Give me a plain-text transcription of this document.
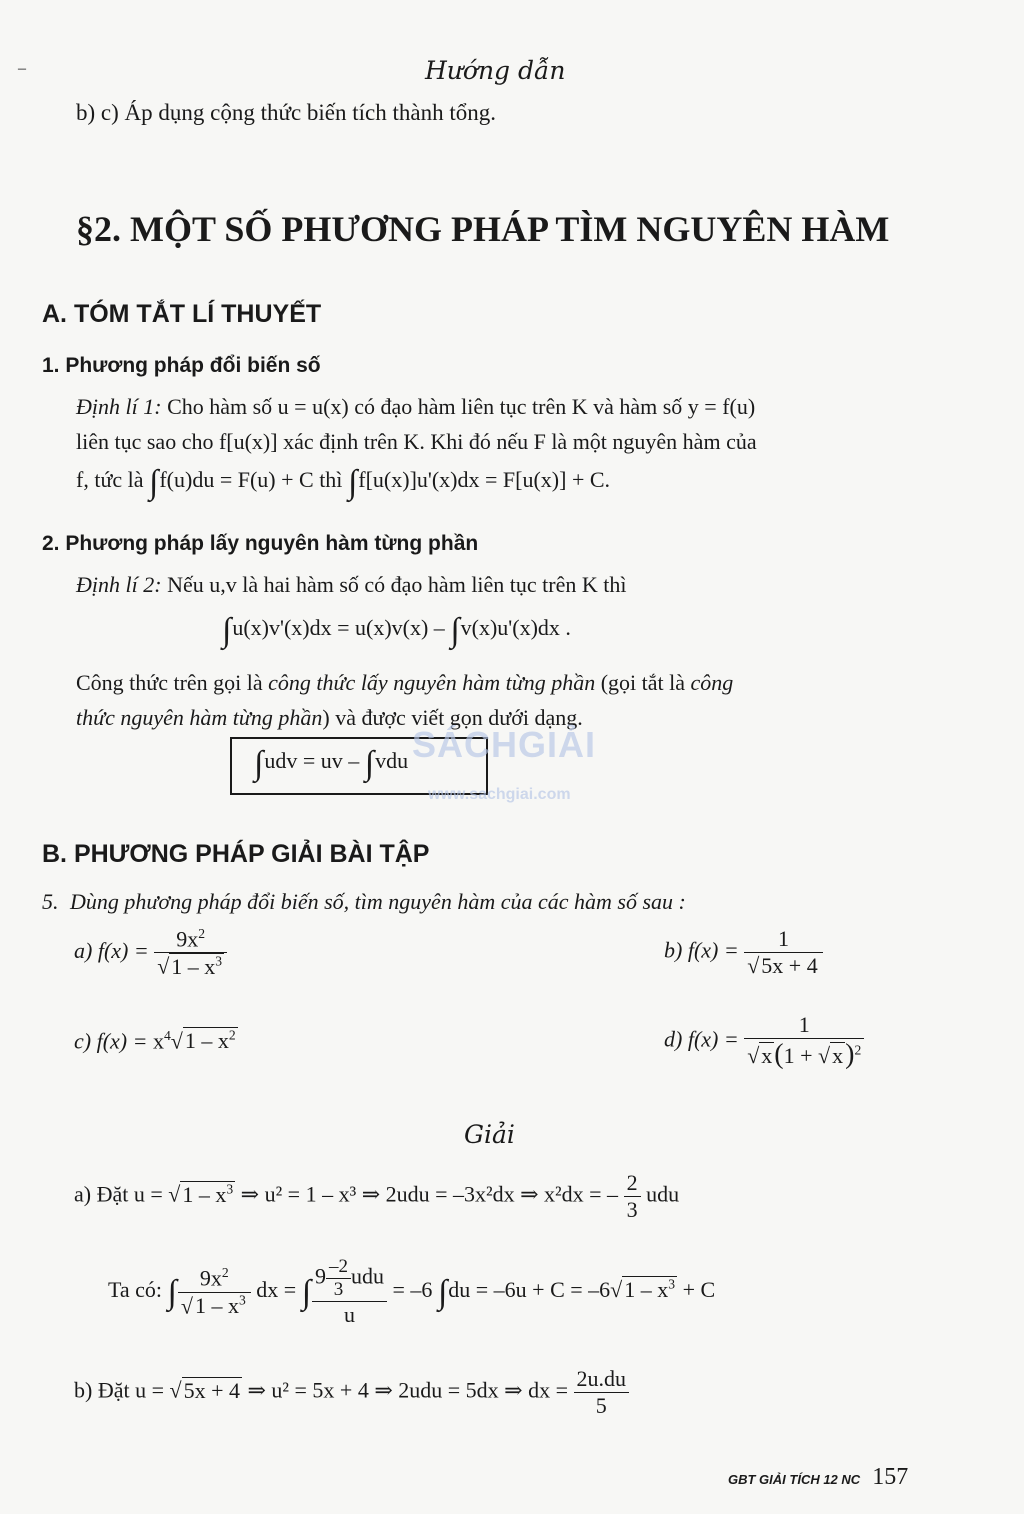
Hướng dẫn
–
b) c) Áp dụng cộng thức biến tích thành tổng.
§2. MỘT SỐ PHƯƠNG PHÁP TÌM NGUYÊN HÀM
A. TÓM TẮT LÍ THUYẾT
1. Phương pháp đổi biến số
Định lí 1: Cho hàm số u = u(x) có đạo hàm liên tục trên K và hàm số y = f(u)
liên tục sao cho f[u(x)] xác định trên K. Khi đó nếu F là một nguyên hàm của
f, tức là ∫f(u)du = F(u) + C thì ∫f[u(x)]u'(x)dx = F[u(x)] + C.
2. Phương pháp lấy nguyên hàm từng phần
Định lí 2: Nếu u,v là hai hàm số có đạo hàm liên tục trên K thì
∫u(x)v'(x)dx = u(x)v(x) – ∫v(x)u'(x)dx .
Công thức trên gọi là công thức lấy nguyên hàm từng phần (gọi tắt là công
thức nguyên hàm từng phần) và được viết gọn dưới dạng.
∫udv = uv – ∫vdu SÁCHGIẢI
www.sachgiai.com
B. PHƯƠNG PHÁP GIẢI BÀI TẬP
5. Dùng phương pháp đổi biến số, tìm nguyên hàm của các hàm số sau :
a) $f(x) = \frac{9x^2}{√1 - x^3}$	b) $f(x) = \frac{1}{√5x + 4}$
c) $f(x) = x^4√1 - x^2$	d) $f(x) = \frac{1}{√x(1 + √x)^2}$
Giải
a) Đặt $u = √1 - x^3$ ⇒ u² = 1 – x³ ⇒ 2udu = –3x²dx ⇒ x²dx = – $\frac{2}{3}$ udu
Ta có: ∫ $\frac{9x^2}{√1 - x^3}$ dx = ∫ $\frac{9 \frac{-2}{3} udu}{u} = -6$ $\int du = -6u + C = -6√1 - x^3 + C$
b) Đặt u = √5x + 4 ⇒ u² = 5x + 4 ⇒ 2udu = 5dx ⇒ dx = $\frac{2u.du}{5}$
GBT GIẢI TÍCH 12 NC 157
